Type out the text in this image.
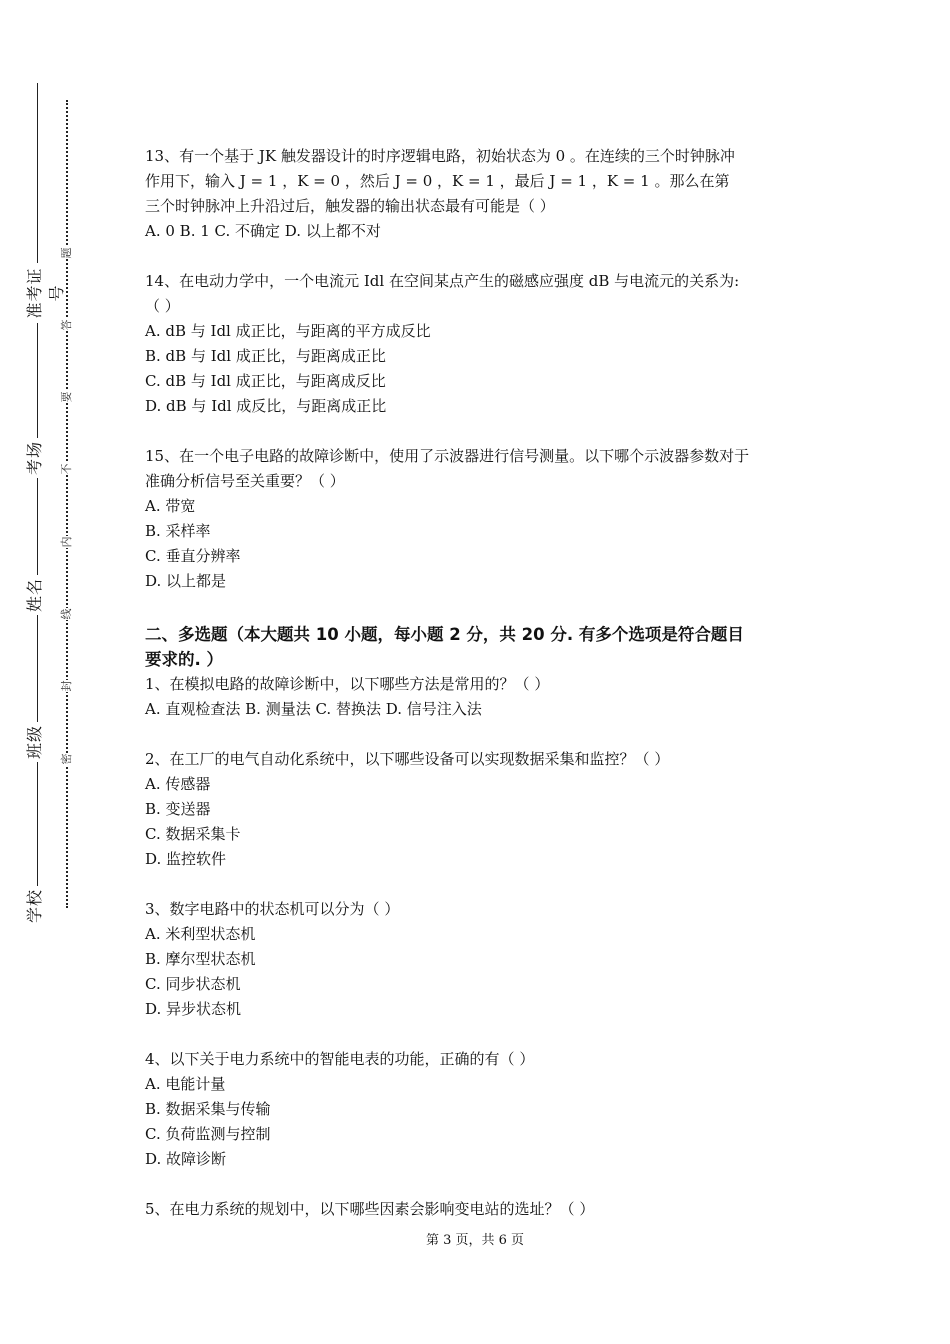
准考证号
考场
姓名
班级
学校
题
答
要
不
内
线
封
密
13、有一个基于 JK 触发器设计的时序逻辑电路，初始状态为 0 。在连续的三个时钟脉冲
作用下，输入 J = 1 ，K = 0 ，然后 J = 0 ，K = 1 ，最后 J = 1 ，K = 1 。那么在第
三个时钟脉冲上升沿过后，触发器的输出状态最有可能是（ ）
A. 0 B. 1 C. 不确定 D. 以上都不对
14、在电动力学中，一个电流元 Idl 在空间某点产生的磁感应强度 dB 与电流元的关系为:
（ ）
A. dB 与 Idl 成正比，与距离的平方成反比
B. dB 与 Idl 成正比，与距离成正比
C. dB 与 Idl 成正比，与距离成反比
D. dB 与 Idl 成反比，与距离成正比
15、在一个电子电路的故障诊断中，使用了示波器进行信号测量。以下哪个示波器参数对于
准确分析信号至关重要？（ ）
A. 带宽
B. 采样率
C. 垂直分辨率
D. 以上都是
二、多选题（本大题共 10 小题，每小题 2 分，共 20 分. 有多个选项是符合题目
要求的. ）
1、在模拟电路的故障诊断中，以下哪些方法是常用的？（ ）
A. 直观检查法 B. 测量法 C. 替换法 D. 信号注入法
2、在工厂的电气自动化系统中，以下哪些设备可以实现数据采集和监控？（ ）
A. 传感器
B. 变送器
C. 数据采集卡
D. 监控软件
3、数字电路中的状态机可以分为（ ）
A. 米利型状态机
B. 摩尔型状态机
C. 同步状态机
D. 异步状态机
4、以下关于电力系统中的智能电表的功能，正确的有（ ）
A. 电能计量
B. 数据采集与传输
C. 负荷监测与控制
D. 故障诊断
5、在电力系统的规划中，以下哪些因素会影响变电站的选址？（ ）
第 3 页，共 6 页
